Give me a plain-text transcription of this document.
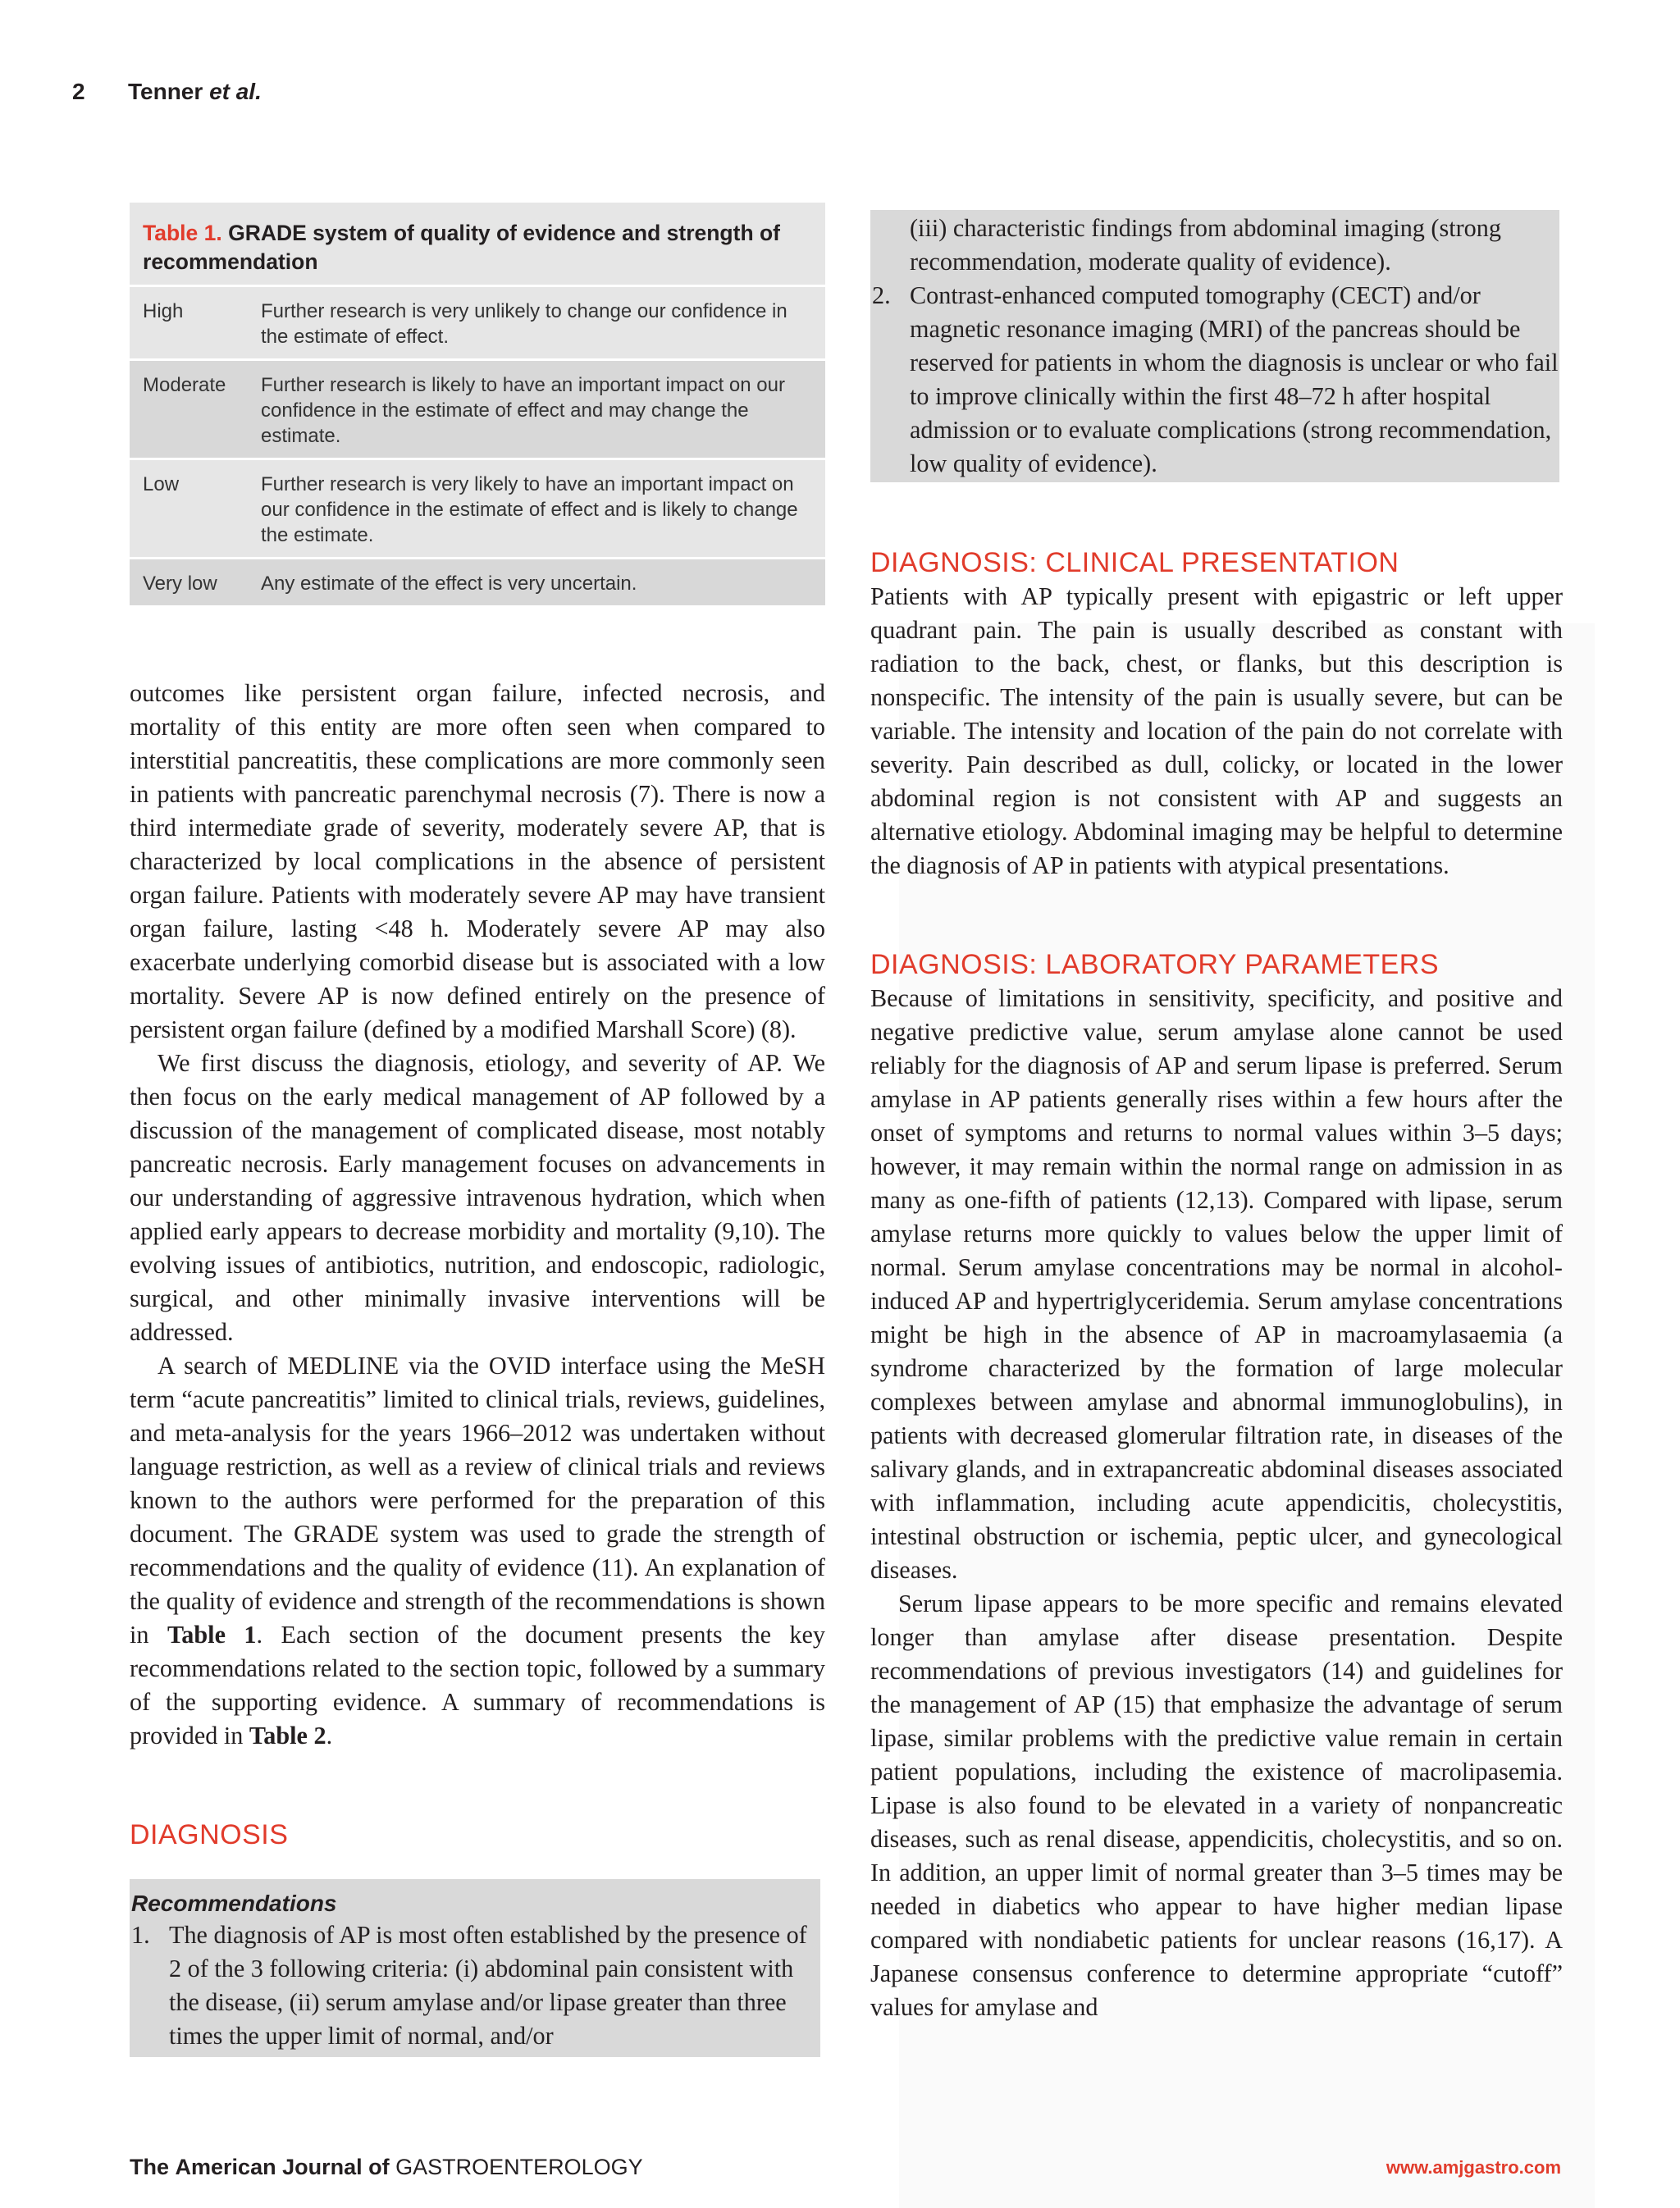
2 Tenner et al.
Table 1. GRADE system of quality of evidence and strength of recommendation
High	Further research is very unlikely to change our confidence in the estimate of effect.
Moderate	Further research is likely to have an important impact on our confidence in the estimate of effect and may change the estimate.
Low	Further research is very likely to have an important impact on our confidence in the estimate of effect and is likely to change the estimate.
Very low	Any estimate of the effect is very uncertain.

outcomes like persistent organ failure, infected necrosis, and mortality of this entity are more often seen when compared to interstitial pancreatitis, these complications are more commonly seen in patients with pancreatic parenchymal necrosis (7). There is now a third intermediate grade of severity, moderately severe AP, that is characterized by local complications in the absence of persistent organ failure. Patients with moderately severe AP may have transient organ failure, lasting <48 h. Moderately severe AP may also exacerbate underlying comorbid disease but is associated with a low mortality. Severe AP is now defined entirely on the presence of persistent organ failure (defined by a modified Marshall Score) (8).

We first discuss the diagnosis, etiology, and severity of AP. We then focus on the early medical management of AP followed by a discussion of the management of complicated disease, most notably pancreatic necrosis. Early management focuses on advancements in our understanding of aggressive intravenous hydration, which when applied early appears to decrease morbidity and mortality (9,10). The evolving issues of antibiotics, nutrition, and endoscopic, radiologic, surgical, and other minimally invasive interventions will be addressed.

A search of MEDLINE via the OVID interface using the MeSH term “acute pancreatitis” limited to clinical trials, reviews, guidelines, and meta-analysis for the years 1966–2012 was undertaken without language restriction, as well as a review of clinical trials and reviews known to the authors were performed for the preparation of this document. The GRADE system was used to grade the strength of recommendations and the quality of evidence (11). An explanation of the quality of evidence and strength of the recommendations is shown in Table 1. Each section of the document presents the key recommendations related to the section topic, followed by a summary of the supporting evidence. A summary of recommendations is provided in Table 2.

DIAGNOSIS
Recommendations
1. The diagnosis of AP is most often established by the presence of 2 of the 3 following criteria: (i) abdominal pain consistent with the disease, (ii) serum amylase and/or lipase greater than three times the upper limit of normal, and/or
(iii) characteristic findings from abdominal imaging (strong recommendation, moderate quality of evidence).
2. Contrast-enhanced computed tomography (CECT) and/or magnetic resonance imaging (MRI) of the pancreas should be reserved for patients in whom the diagnosis is unclear or who fail to improve clinically within the first 48–72 h after hospital admission or to evaluate complications (strong recommendation, low quality of evidence).
DIAGNOSIS: CLINICAL PRESENTATION

Patients with AP typically present with epigastric or left upper quadrant pain. The pain is usually described as constant with radiation to the back, chest, or flanks, but this description is nonspecific. The intensity of the pain is usually severe, but can be variable. The intensity and location of the pain do not correlate with severity. Pain described as dull, colicky, or located in the lower abdominal region is not consistent with AP and suggests an alternative etiology. Abdominal imaging may be helpful to determine the diagnosis of AP in patients with atypical presentations.

DIAGNOSIS: LABORATORY PARAMETERS

Because of limitations in sensitivity, specificity, and positive and negative predictive value, serum amylase alone cannot be used reliably for the diagnosis of AP and serum lipase is preferred. Serum amylase in AP patients generally rises within a few hours after the onset of symptoms and returns to normal values within 3–5 days; however, it may remain within the normal range on admission in as many as one-fifth of patients (12,13). Compared with lipase, serum amylase returns more quickly to values below the upper limit of normal. Serum amylase concentrations may be normal in alcohol-induced AP and hypertriglyceridemia. Serum amylase concentrations might be high in the absence of AP in macroamylasaemia (a syndrome characterized by the formation of large molecular complexes between amylase and abnormal immunoglobulins), in patients with decreased glomerular filtration rate, in diseases of the salivary glands, and in extrapancreatic abdominal diseases associated with inflammation, including acute appendicitis, cholecystitis, intestinal obstruction or ischemia, peptic ulcer, and gynecological diseases.

Serum lipase appears to be more specific and remains elevated longer than amylase after disease presentation. Despite recommendations of previous investigators (14) and guidelines for the management of AP (15) that emphasize the advantage of serum lipase, similar problems with the predictive value remain in certain patient populations, including the existence of macrolipasemia. Lipase is also found to be elevated in a variety of nonpancreatic diseases, such as renal disease, appendicitis, cholecystitis, and so on. In addition, an upper limit of normal greater than 3–5 times may be needed in diabetics who appear to have higher median lipase compared with nondiabetic patients for unclear reasons (16,17). A Japanese consensus conference to determine appropriate “cutoff” values for amylase and

The American Journal of GASTROENTEROLOGY	www.amjgastro.com
